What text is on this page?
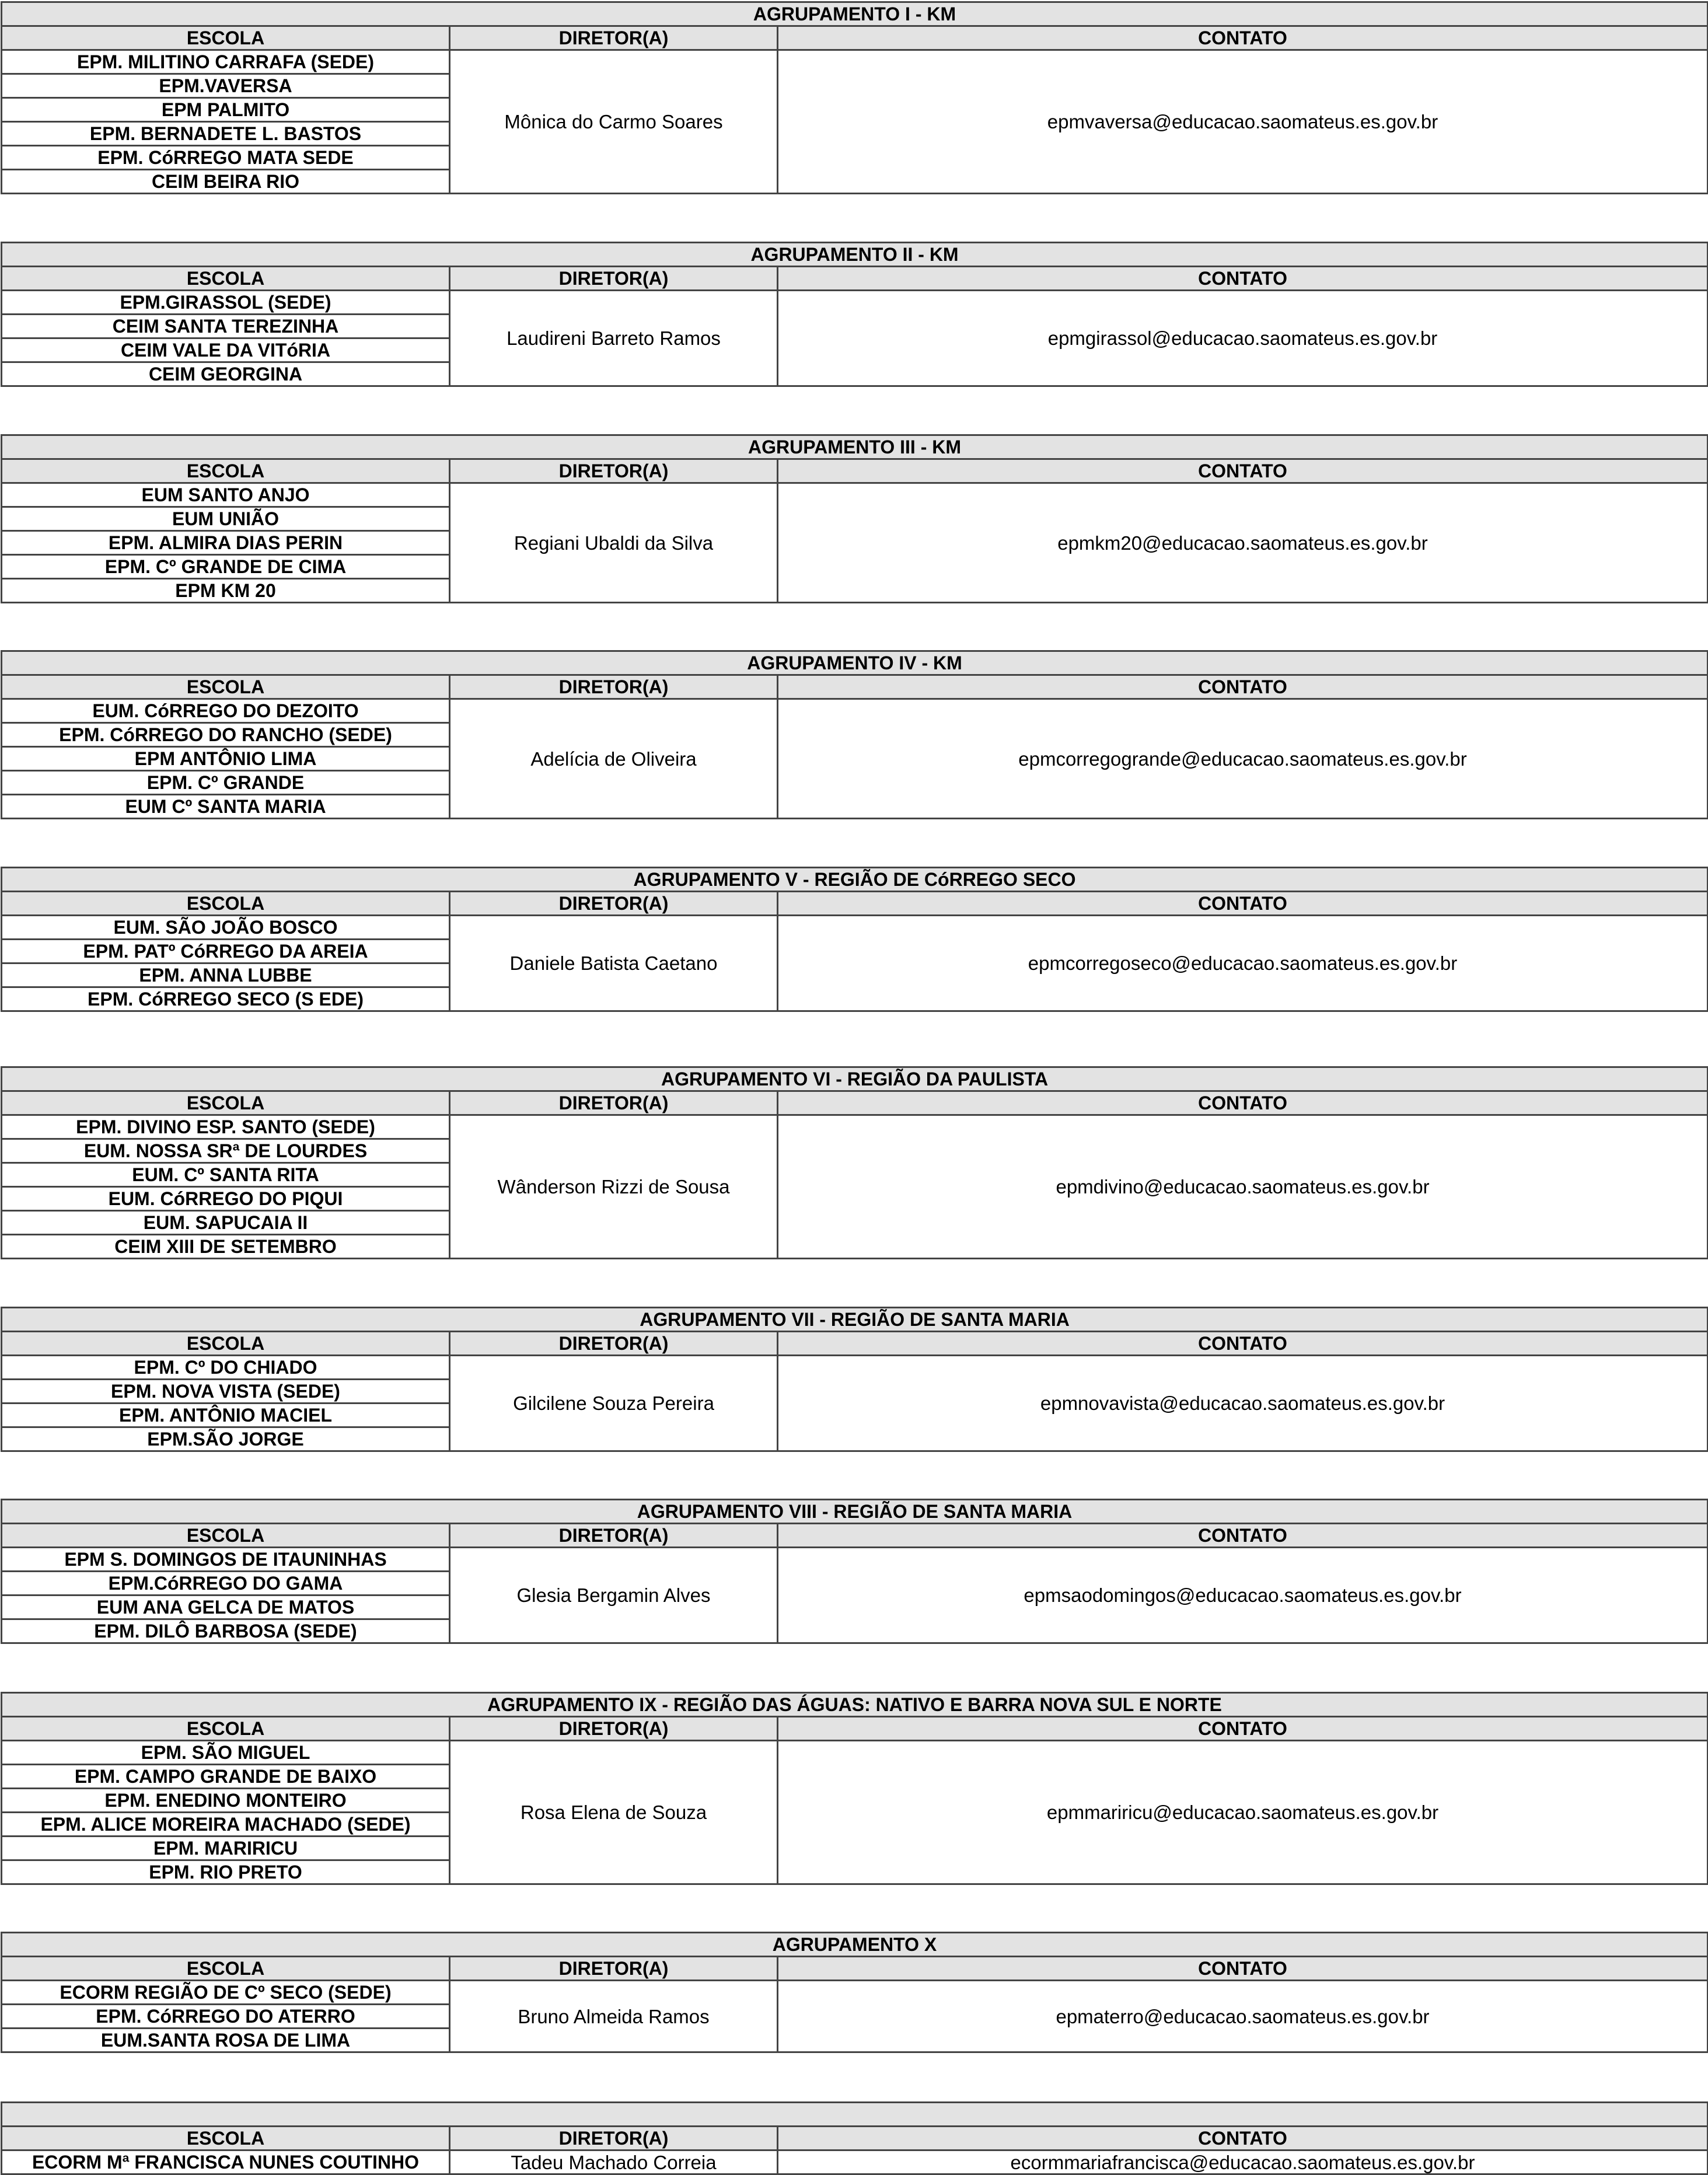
AGRUPAMENTO I - KM		
ESCOLA	DIRETOR(A)	CONTATO
EPM. MILITINO CARRAFA (SEDE)	Mônica do Carmo Soares	epmvaversa@educacao.saomateus.es.gov.br
EPM.VAVERSA		
EPM PALMITO		
EPM. BERNADETE L. BASTOS		
EPM. CóRREGO MATA SEDE		
CEIM BEIRA RIO		
AGRUPAMENTO II - KM		
ESCOLA	DIRETOR(A)	CONTATO
EPM.GIRASSOL (SEDE)	Laudireni Barreto Ramos	epmgirassol@educacao.saomateus.es.gov.br
CEIM SANTA TEREZINHA		
CEIM VALE DA VITóRIA		
CEIM GEORGINA		
AGRUPAMENTO III - KM		
ESCOLA	DIRETOR(A)	CONTATO
EUM SANTO ANJO	Regiani Ubaldi da Silva	epmkm20@educacao.saomateus.es.gov.br
EUM UNIÃO		
EPM. ALMIRA DIAS PERIN		
EPM. Cº GRANDE DE CIMA		
EPM KM 20		
AGRUPAMENTO IV - KM		
ESCOLA	DIRETOR(A)	CONTATO
EUM. CóRREGO DO DEZOITO	Adelícia de Oliveira	epmcorregogrande@educacao.saomateus.es.gov.br
EPM. CóRREGO DO RANCHO (SEDE)		
EPM ANTÔNIO LIMA		
EPM. Cº GRANDE		
EUM Cº SANTA MARIA		
AGRUPAMENTO V - REGIÃO DE CóRREGO SECO		
ESCOLA	DIRETOR(A)	CONTATO
EUM. SÃO JOÃO BOSCO	Daniele Batista Caetano	epmcorregoseco@educacao.saomateus.es.gov.br
EPM. PATº CóRREGO DA AREIA		
EPM. ANNA LUBBE		
EPM. CóRREGO SECO (S EDE)		
AGRUPAMENTO VI - REGIÃO DA PAULISTA		
ESCOLA	DIRETOR(A)	CONTATO
EPM. DIVINO ESP. SANTO (SEDE)	Wânderson Rizzi de Sousa	epmdivino@educacao.saomateus.es.gov.br
EUM. NOSSA SRª DE LOURDES		
EUM. Cº SANTA RITA		
EUM. CóRREGO DO PIQUI		
EUM. SAPUCAIA II		
CEIM XIII DE SETEMBRO		
AGRUPAMENTO VII - REGIÃO DE SANTA MARIA		
ESCOLA	DIRETOR(A)	CONTATO
EPM. Cº DO CHIADO	Gilcilene Souza Pereira	epmnovavista@educacao.saomateus.es.gov.br
EPM. NOVA VISTA (SEDE)		
EPM. ANTÔNIO MACIEL		
EPM.SÃO JORGE		
AGRUPAMENTO VIII - REGIÃO DE SANTA MARIA		
ESCOLA	DIRETOR(A)	CONTATO
EPM S. DOMINGOS DE ITAUNINHAS	Glesia Bergamin Alves	epmsaodomingos@educacao.saomateus.es.gov.br
EPM.CóRREGO DO GAMA		
EUM ANA GELCA DE MATOS		
EPM. DILÔ BARBOSA (SEDE)		
AGRUPAMENTO IX - REGIÃO DAS ÁGUAS: NATIVO E BARRA NOVA SUL E NORTE		
ESCOLA	DIRETOR(A)	CONTATO
EPM. SÃO MIGUEL	Rosa Elena de Souza	epmmariricu@educacao.saomateus.es.gov.br
EPM. CAMPO GRANDE DE BAIXO		
EPM. ENEDINO MONTEIRO		
EPM. ALICE MOREIRA MACHADO (SEDE)		
EPM. MARIRICU		
EPM. RIO PRETO		
AGRUPAMENTO X		
ESCOLA	DIRETOR(A)	CONTATO
ECORM REGIÃO DE Cº SECO (SEDE)	Bruno Almeida Ramos	epmaterro@educacao.saomateus.es.gov.br
EPM. CóRREGO DO ATERRO		
EUM.SANTA ROSA DE LIMA		

ESCOLA	DIRETOR(A)	CONTATO
ECORM Mª FRANCISCA NUNES COUTINHO	Tadeu Machado Correia	ecormmariafrancisca@educacao.saomateus.es.gov.br
